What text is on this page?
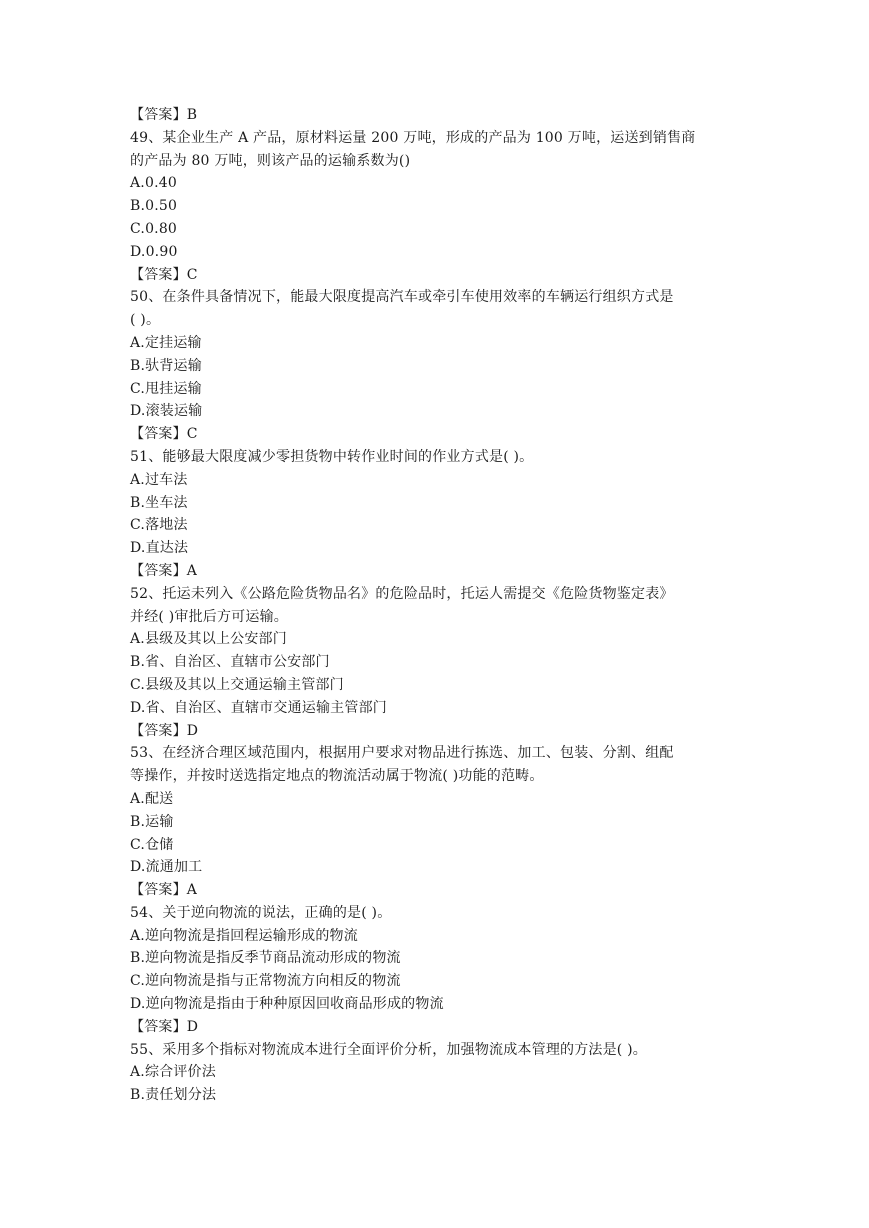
【答案】B
49、某企业生产 A 产品，原材料运量 200 万吨，形成的产品为 100 万吨，运送到销售商
的产品为 80 万吨，则该产品的运输系数为()
A.0.40
B.0.50
C.0.80
D.0.90
【答案】C
50、在条件具备情况下，能最大限度提高汽车或牵引车使用效率的车辆运行组织方式是
( )。
A.定挂运输
B.驮背运输
C.甩挂运输
D.滚装运输
【答案】C
51、能够最大限度减少零担货物中转作业时间的作业方式是( )。
A.过车法
B.坐车法
C.落地法
D.直达法
【答案】A
52、托运未列入《公路危险货物品名》的危险品时，托运人需提交《危险货物鉴定表》
并经( )审批后方可运输。
A.县级及其以上公安部门
B.省、自治区、直辖市公安部门
C.县级及其以上交通运输主管部门
D.省、自治区、直辖市交通运输主管部门
【答案】D
53、在经济合理区域范围内，根据用户要求对物品进行拣选、加工、包装、分割、组配
等操作，并按时送选指定地点的物流活动属于物流( )功能的范畴。
A.配送
B.运输
C.仓储
D.流通加工
【答案】A
54、关于逆向物流的说法，正确的是( )。
A.逆向物流是指回程运输形成的物流
B.逆向物流是指反季节商品流动形成的物流
C.逆向物流是指与正常物流方向相反的物流
D.逆向物流是指由于种种原因回收商品形成的物流
【答案】D
55、采用多个指标对物流成本进行全面评价分析，加强物流成本管理的方法是( )。
A.综合评价法
B.责任划分法
